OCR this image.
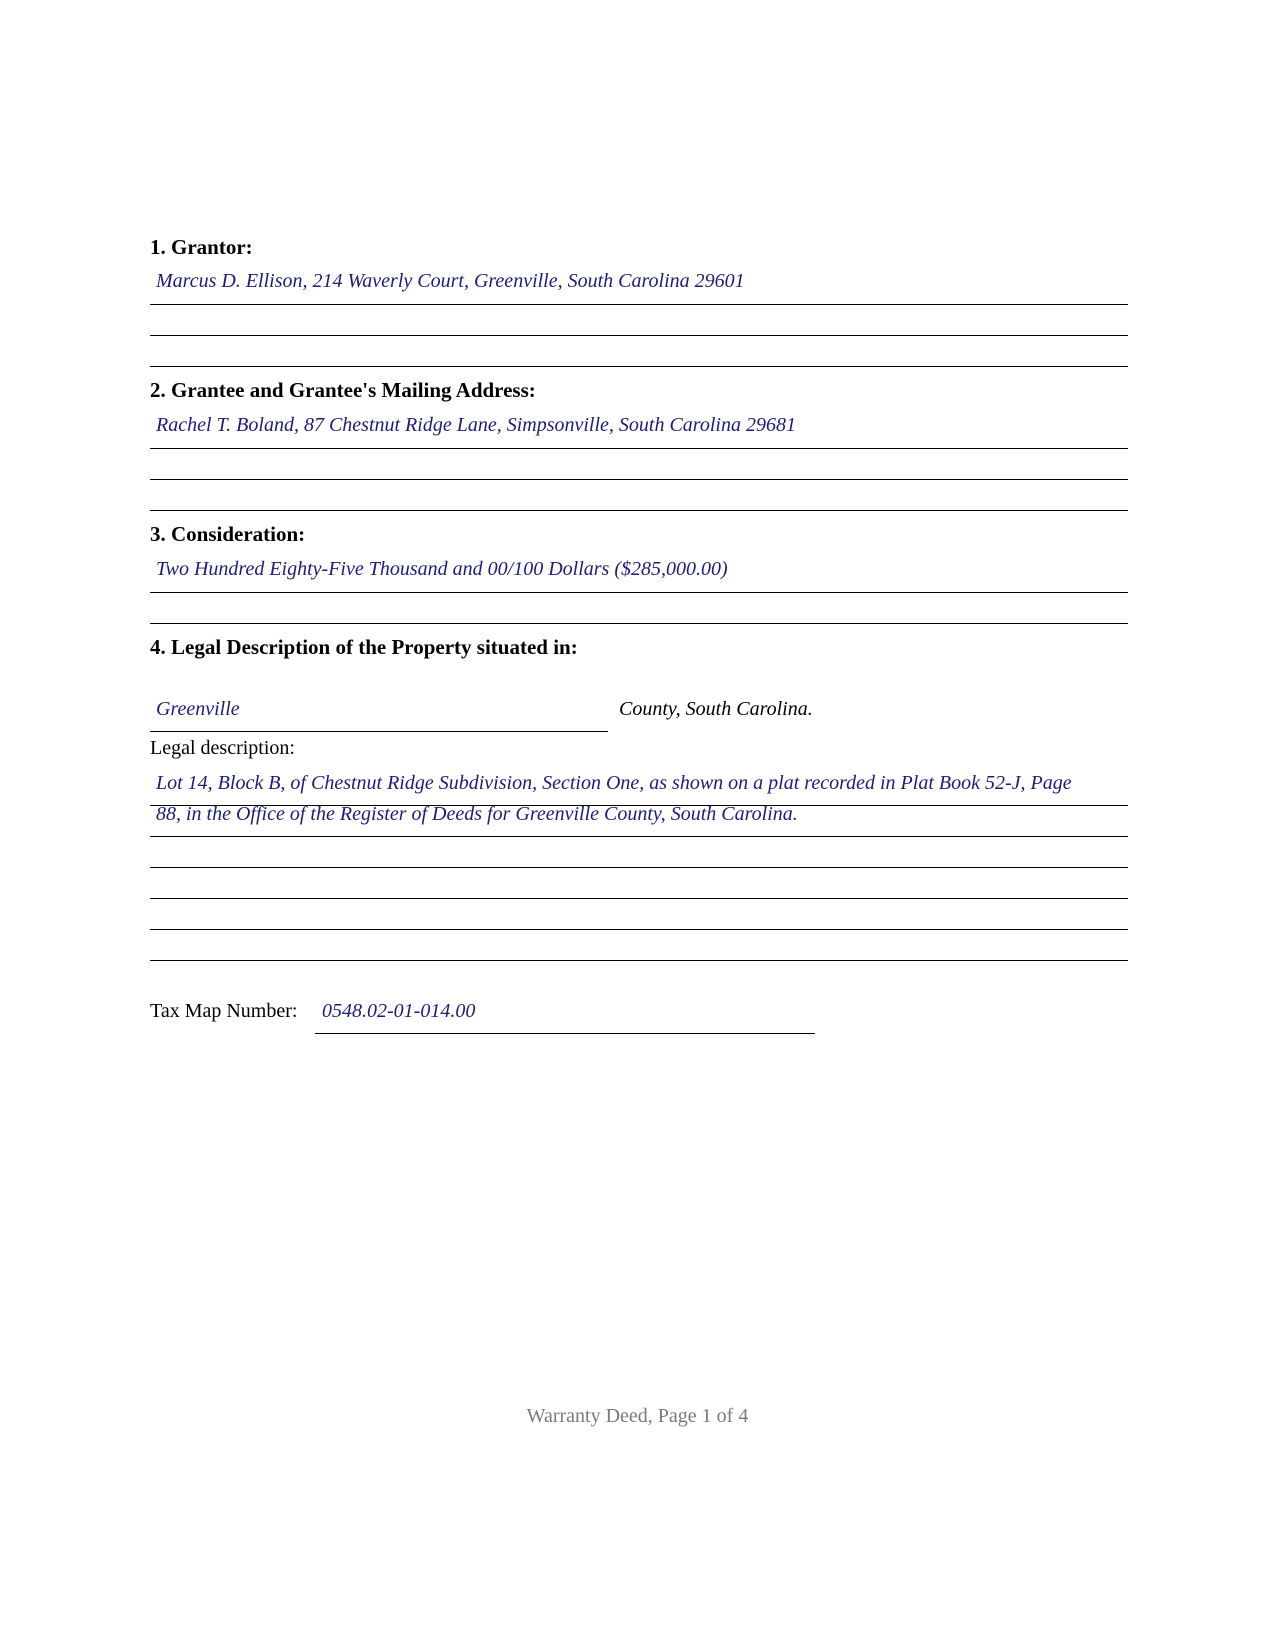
1. Grantor:
Marcus D. Ellison, 214 Waverly Court, Greenville, South Carolina 29601
2. Grantee and Grantee's Mailing Address:
Rachel T. Boland, 87 Chestnut Ridge Lane, Simpsonville, South Carolina 29681
3. Consideration:
Two Hundred Eighty-Five Thousand and 00/100 Dollars ($285,000.00)
4. Legal Description of the Property situated in:
Greenville	County, South Carolina.
Legal description:
Lot 14, Block B, of Chestnut Ridge Subdivision, Section One, as shown on a plat recorded in Plat Book 52-J, Page
88, in the Office of the Register of Deeds for Greenville County, South Carolina.
Tax Map Number: 0548.02-01-014.00
Warranty Deed, Page 1 of 4
